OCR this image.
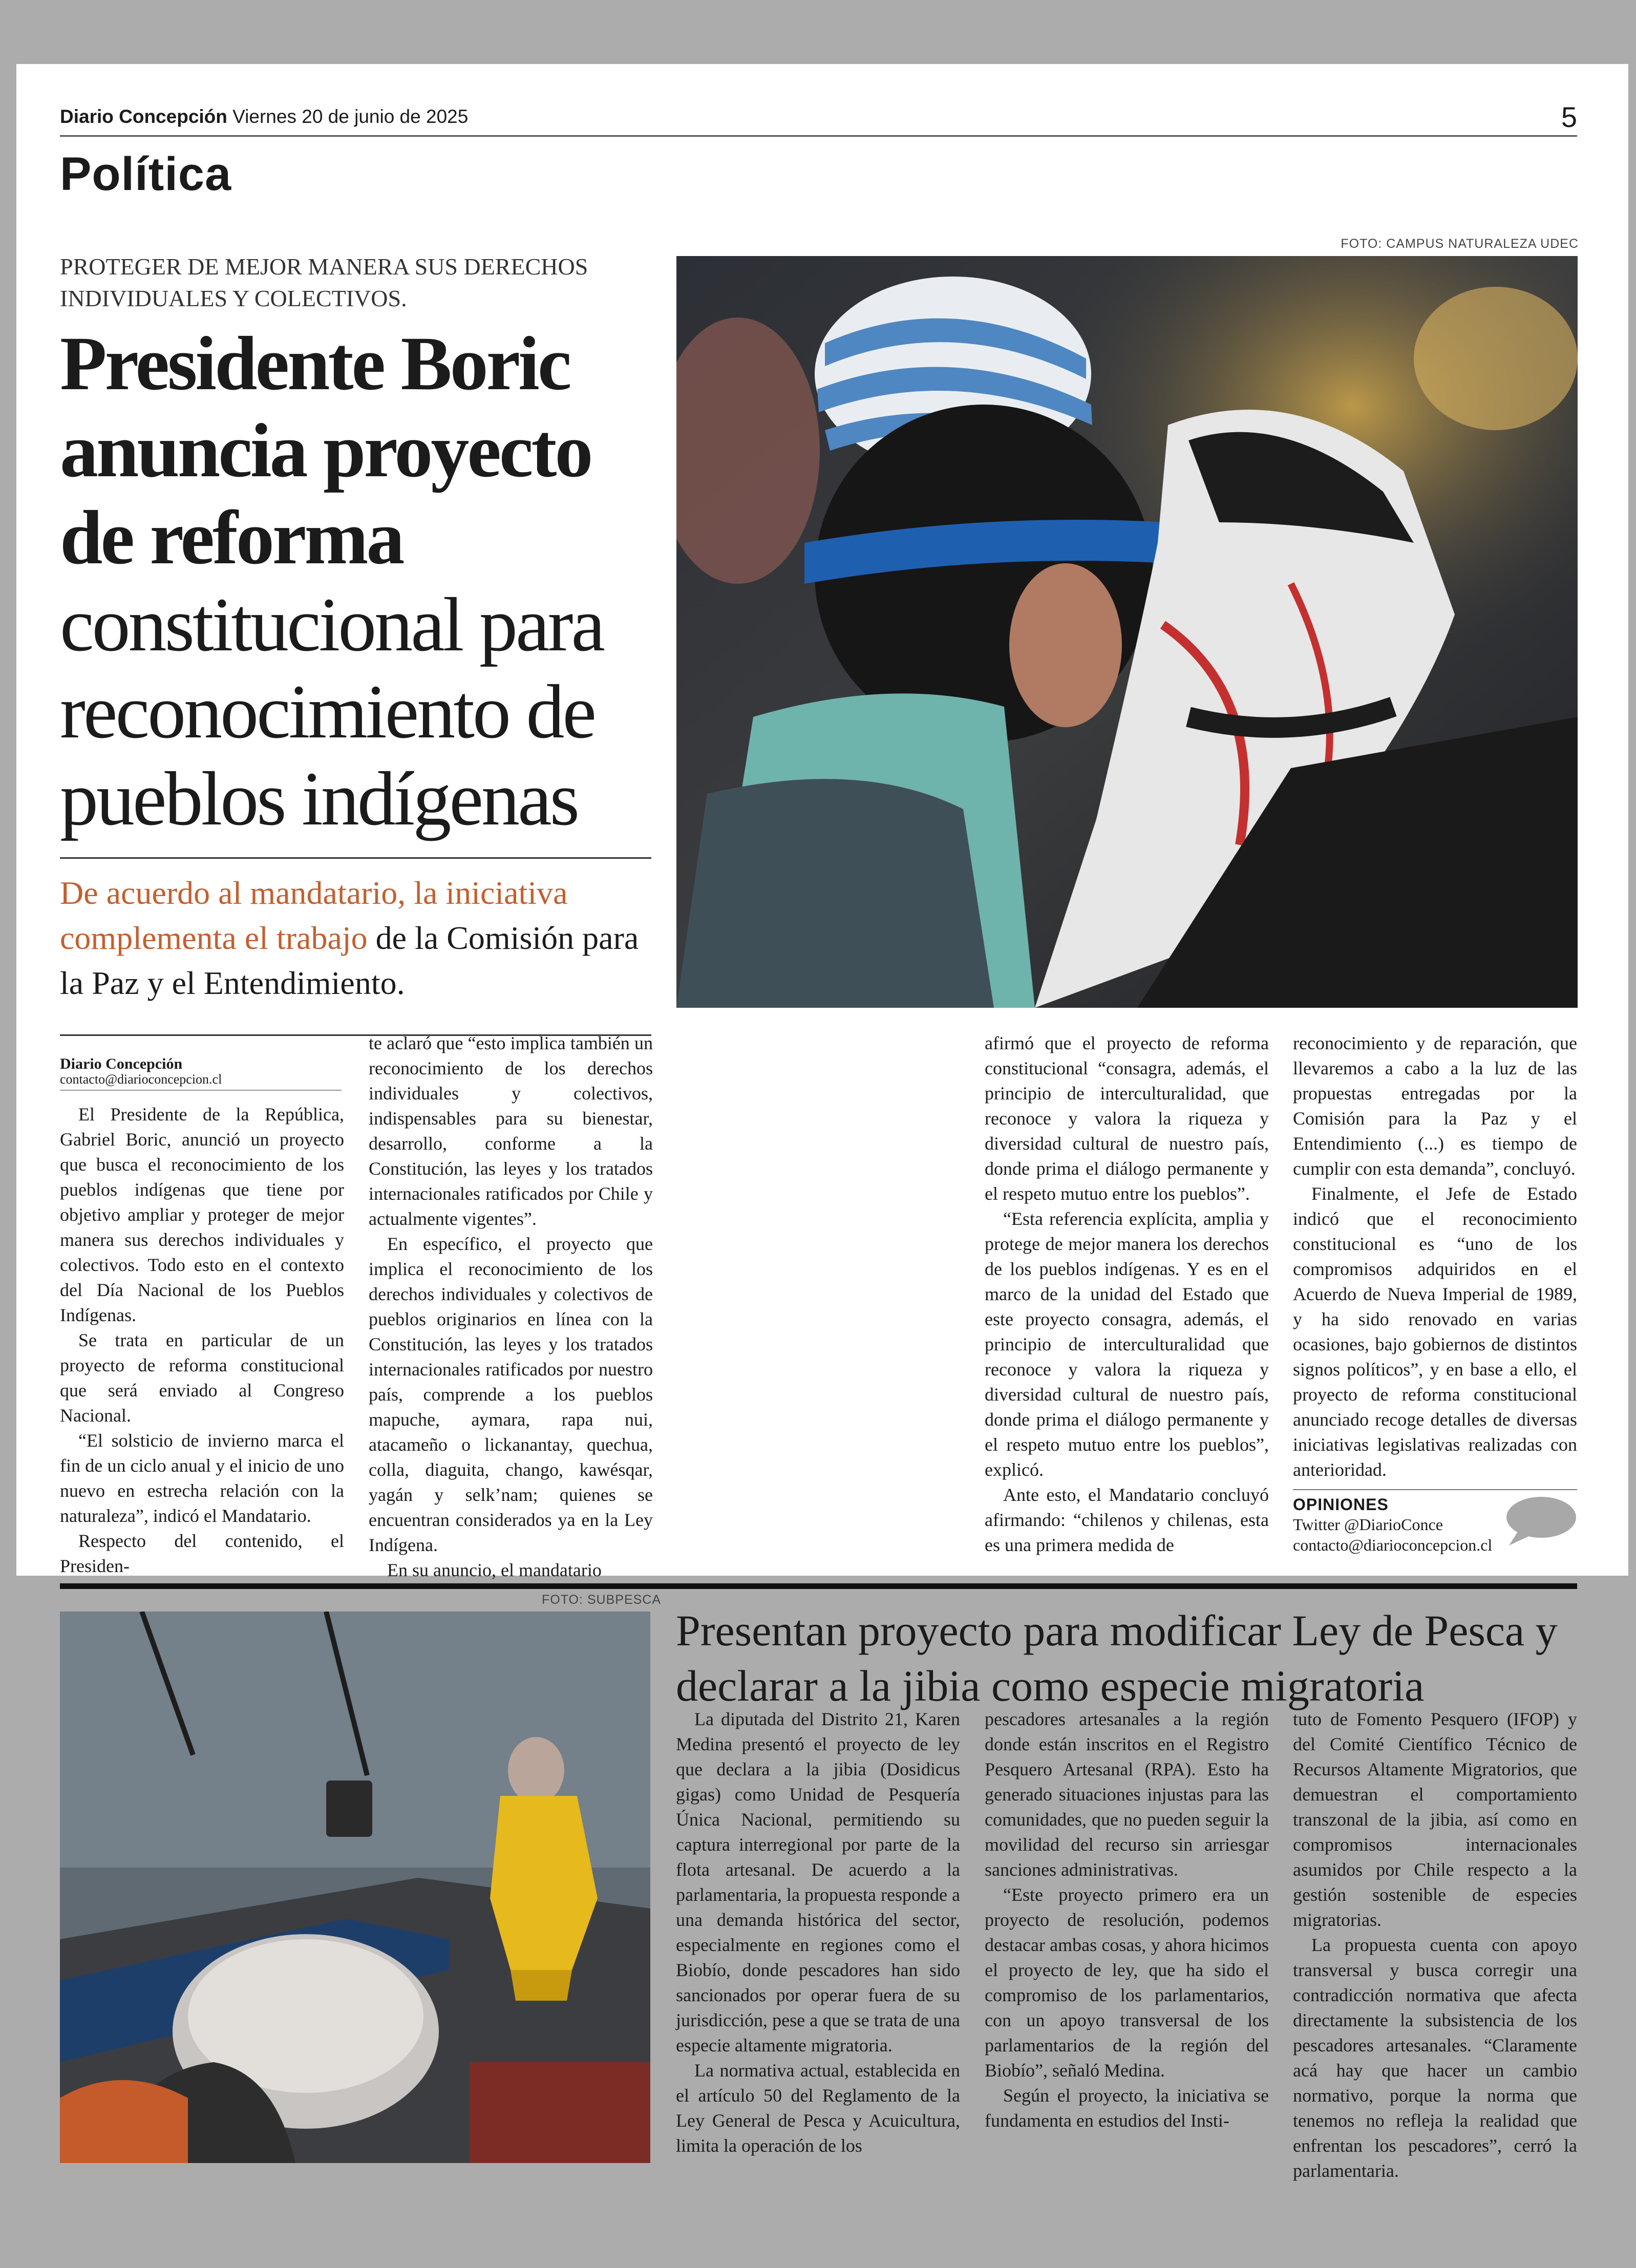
Diario Concepción Viernes 20 de junio de 2025	5
Política
PROTEGER DE MEJOR MANERA SUS DERECHOS INDIVIDUALES Y COLECTIVOS.
Presidente Boric anuncia proyecto de reforma
constitucional para reconocimiento de pueblos indígenas
De acuerdo al mandatario, la iniciativa complementa el trabajo de la Comisión para la Paz y el Entendimiento.
FOTO: CAMPUS NATURALEZA UDEC
Diario Concepción
contacto@diarioconcepcion.cl

El Presidente de la República, Gabriel Boric, anunció un proyecto que busca el reconocimiento de los pueblos indígenas que tiene por objetivo ampliar y proteger de mejor manera sus derechos individuales y colectivos. Todo esto en el contexto del Día Nacional de los Pueblos Indígenas.

Se trata en particular de un proyecto de reforma constitucional que será enviado al Congreso Nacional.

“El solsticio de invierno marca el fin de un ciclo anual y el inicio de uno nuevo en estrecha relación con la naturaleza”, indicó el Mandatario.

Respecto del contenido, el Presiden-

te aclaró que “esto implica también un reconocimiento de los derechos individuales y colectivos, indispensables para su bienestar, desarrollo, conforme a la Constitución, las leyes y los tratados internacionales ratificados por Chile y actualmente vigentes”.

En específico, el proyecto que implica el reconocimiento de los derechos individuales y colectivos de pueblos originarios en línea con la Constitución, las leyes y los tratados internacionales ratificados por nuestro país, comprende a los pueblos mapuche, aymara, rapa nui, atacameño o lickanantay, quechua, colla, diaguita, chango, kawésqar, yagán y selk’nam; quienes se encuentran considerados ya en la Ley Indígena.

En su anuncio, el mandatario

afirmó que el proyecto de reforma constitucional “consagra, además, el principio de interculturalidad, que reconoce y valora la riqueza y diversidad cultural de nuestro país, donde prima el diálogo permanente y el respeto mutuo entre los pueblos”.

“Esta referencia explícita, amplia y protege de mejor manera los derechos de los pueblos indígenas. Y es en el marco de la unidad del Estado que este proyecto consagra, además, el principio de interculturalidad que reconoce y valora la riqueza y diversidad cultural de nuestro país, donde prima el diálogo permanente y el respeto mutuo entre los pueblos”, explicó.

Ante esto, el Mandatario concluyó afirmando: “chilenos y chilenas, esta es una primera medida de

reconocimiento y de reparación, que llevaremos a cabo a la luz de las propuestas entregadas por la Comisión para la Paz y el Entendimiento (...) es tiempo de cumplir con esta demanda”, concluyó.

Finalmente, el Jefe de Estado indicó que el reconocimiento constitucional es “uno de los compromisos adquiridos en el Acuerdo de Nueva Imperial de 1989, y ha sido renovado en varias ocasiones, bajo gobiernos de distintos signos políticos”, y en base a ello, el proyecto de reforma constitucional anunciado recoge detalles de diversas iniciativas legislativas realizadas con anterioridad.

OPINIONES
Twitter @DiarioConce
contacto@diarioconcepcion.cl
FOTO: SUBPESCA
Presentan proyecto para modificar Ley de Pesca y declarar a la jibia como especie migratoria

La diputada del Distrito 21, Karen Medina presentó el proyecto de ley que declara a la jibia (Dosidicus gigas) como Unidad de Pesquería Única Nacional, permitiendo su captura interregional por parte de la flota artesanal. De acuerdo a la parlamentaria, la propuesta responde a una demanda histórica del sector, especialmente en regiones como el Biobío, donde pescadores han sido sancionados por operar fuera de su jurisdicción, pese a que se trata de una especie altamente migratoria.

La normativa actual, establecida en el artículo 50 del Reglamento de la Ley General de Pesca y Acuicultura, limita la operación de los

pescadores artesanales a la región donde están inscritos en el Registro Pesquero Artesanal (RPA). Esto ha generado situaciones injustas para las comunidades, que no pueden seguir la movilidad del recurso sin arriesgar sanciones administrativas.

“Este proyecto primero era un proyecto de resolución, podemos destacar ambas cosas, y ahora hicimos el proyecto de ley, que ha sido el compromiso de los parlamentarios, con un apoyo transversal de los parlamentarios de la región del Biobío”, señaló Medina.

Según el proyecto, la iniciativa se fundamenta en estudios del Insti-

tuto de Fomento Pesquero (IFOP) y del Comité Científico Técnico de Recursos Altamente Migratorios, que demuestran el comportamiento transzonal de la jibia, así como en compromisos internacionales asumidos por Chile respecto a la gestión sostenible de especies migratorias.

La propuesta cuenta con apoyo transversal y busca corregir una contradicción normativa que afecta directamente la subsistencia de los pescadores artesanales. “Claramente acá hay que hacer un cambio normativo, porque la norma que tenemos no refleja la realidad que enfrentan los pescadores”, cerró la parlamentaria.
